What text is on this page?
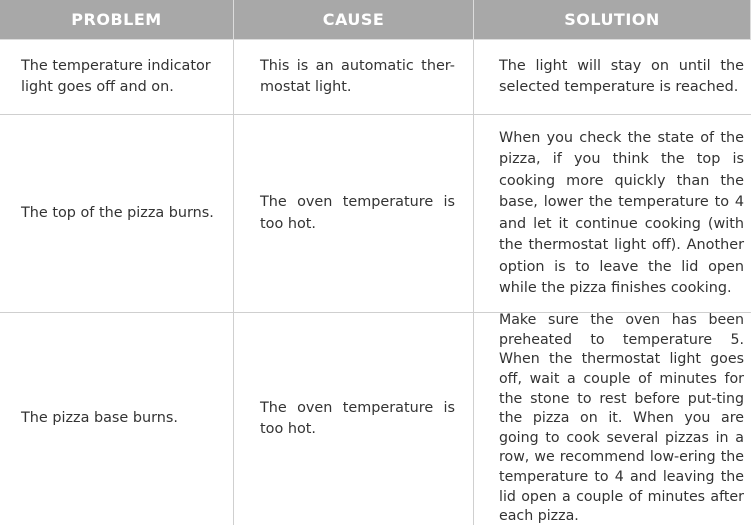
PROBLEM	CAUSE	SOLUTION
The temperature indicator light goes off and on.
This is an automatic ther-mostat light.
The light will stay on until the selected temperature is reached.
The top of the pizza burns.
The oven temperature is too hot.
When you check the state of the pizza, if you think the top is cooking more quickly than the base, lower the temperature to 4 and let it continue cooking (with the thermostat light off). Another option is to leave the lid open while the pizza finishes cooking.
The pizza base burns.
The oven temperature is too hot.
Make sure the oven has been preheated to temperature 5. When the thermostat light goes off, wait a couple of minutes for the stone to rest before put-ting the pizza on it. When you are going to cook several pizzas in a row, we recommend low-ering the temperature to 4 and leaving the lid open a couple of minutes after each pizza.
